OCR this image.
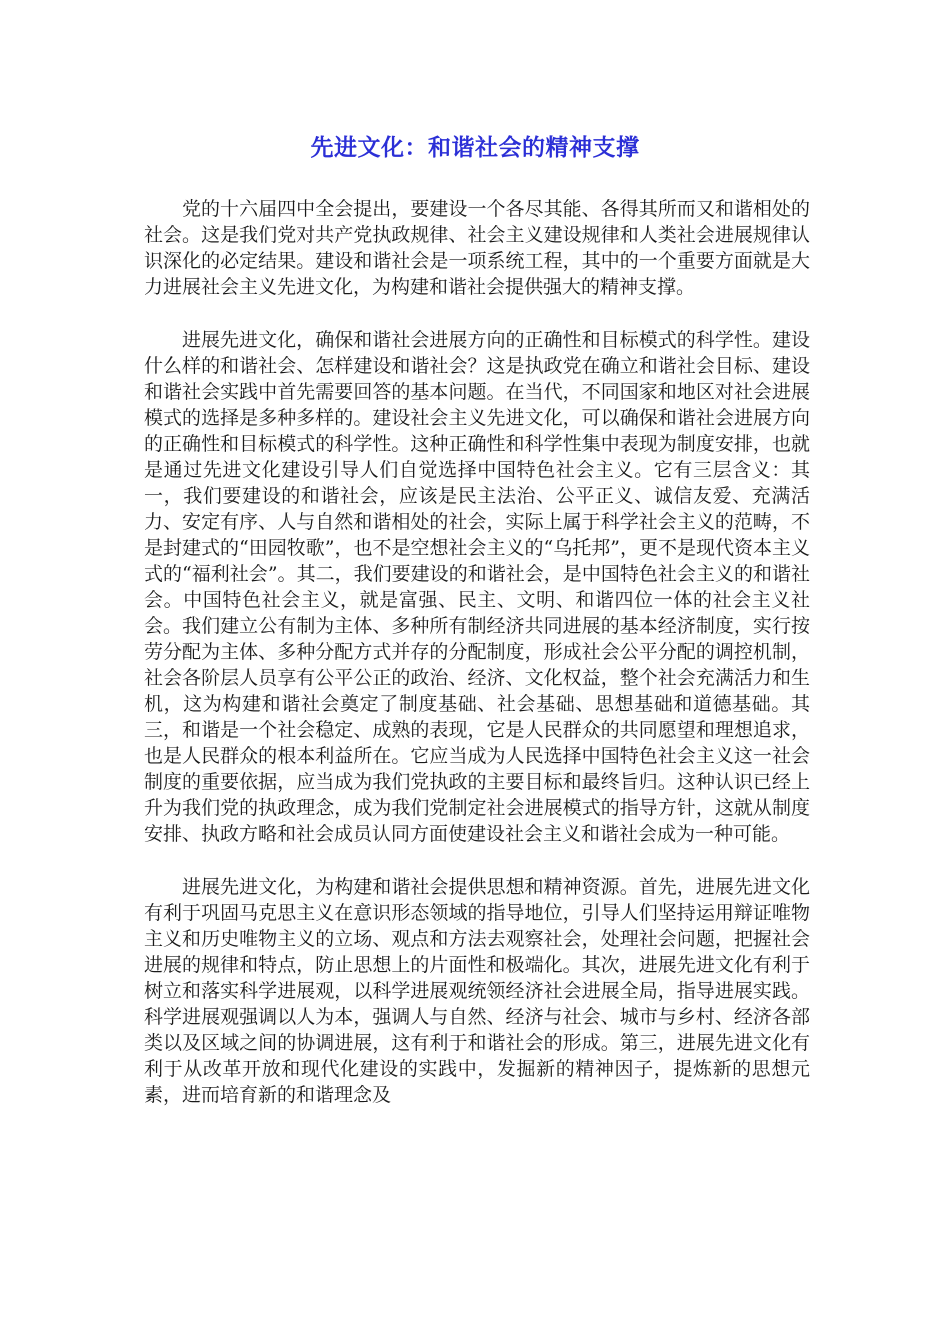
先进文化：和谐社会的精神支撑

党的十六届四中全会提出，要建设一个各尽其能、各得其所而又和谐相处的社会。这是我们党对共产党执政规律、社会主义建设规律和人类社会进展规律认识深化的必定结果。建设和谐社会是一项系统工程，其中的一个重要方面就是大力进展社会主义先进文化，为构建和谐社会提供强大的精神支撑。

进展先进文化，确保和谐社会进展方向的正确性和目标模式的科学性。建设什么样的和谐社会、怎样建设和谐社会？这是执政党在确立和谐社会目标、建设和谐社会实践中首先需要回答的基本问题。在当代，不同国家和地区对社会进展模式的选择是多种多样的。建设社会主义先进文化，可以确保和谐社会进展方向的正确性和目标模式的科学性。这种正确性和科学性集中表现为制度安排，也就是通过先进文化建设引导人们自觉选择中国特色社会主义。它有三层含义：其一，我们要建设的和谐社会，应该是民主法治、公平正义、诚信友爱、充满活力、安定有序、人与自然和谐相处的社会，实际上属于科学社会主义的范畴，不是封建式的“田园牧歌”，也不是空想社会主义的“乌托邦”，更不是现代资本主义式的“福利社会”。其二，我们要建设的和谐社会，是中国特色社会主义的和谐社会。中国特色社会主义，就是富强、民主、文明、和谐四位一体的社会主义社会。我们建立公有制为主体、多种所有制经济共同进展的基本经济制度，实行按劳分配为主体、多种分配方式并存的分配制度，形成社会公平分配的调控机制，社会各阶层人员享有公平公正的政治、经济、文化权益，整个社会充满活力和生机，这为构建和谐社会奠定了制度基础、社会基础、思想基础和道德基础。其三，和谐是一个社会稳定、成熟的表现，它是人民群众的共同愿望和理想追求，也是人民群众的根本利益所在。它应当成为人民选择中国特色社会主义这一社会制度的重要依据，应当成为我们党执政的主要目标和最终旨归。这种认识已经上升为我们党的执政理念，成为我们党制定社会进展模式的指导方针，这就从制度安排、执政方略和社会成员认同方面使建设社会主义和谐社会成为一种可能。

进展先进文化，为构建和谐社会提供思想和精神资源。首先，进展先进文化有利于巩固马克思主义在意识形态领域的指导地位，引导人们坚持运用辩证唯物主义和历史唯物主义的立场、观点和方法去观察社会，处理社会问题，把握社会进展的规律和特点，防止思想上的片面性和极端化。其次，进展先进文化有利于树立和落实科学进展观，以科学进展观统领经济社会进展全局，指导进展实践。科学进展观强调以人为本，强调人与自然、经济与社会、城市与乡村、经济各部类以及区域之间的协调进展，这有利于和谐社会的形成。第三，进展先进文化有利于从改革开放和现代化建设的实践中，发掘新的精神因子，提炼新的思想元素，进而培育新的和谐理念及
